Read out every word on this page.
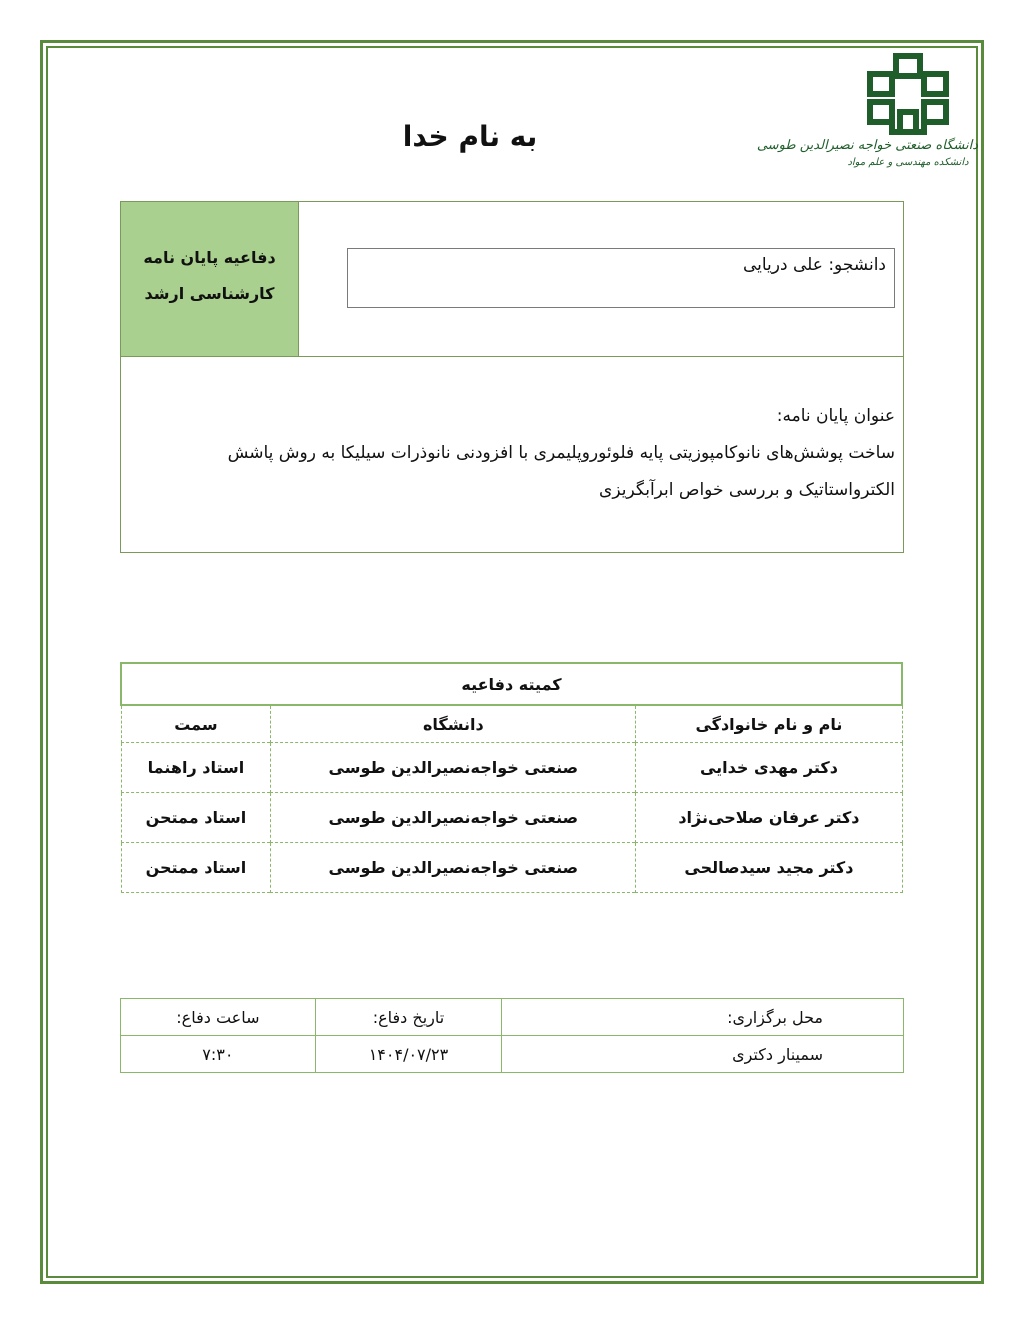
به نام خدا	دانشگاه صنعتی خواجه نصیرالدین طوسی
دانشکده مهندسی و علم مواد
دفاعیه پایان نامه
کارشناسی ارشد
دانشجو: علی دریایی
عنوان پایان نامه:
ساخت پوشش‌های نانوکامپوزیتی پایه فلوئوروپلیمری با افزودنی نانوذرات سیلیکا به روش پاشش الکترواستاتیک و بررسی خواص ابرآبگریزی
کمیته دفاعیه		
نام و نام خانوادگی	دانشگاه	سمت
دکتر مهدی خدایی	صنعتی خواجه‌نصیرالدین طوسی	استاد راهنما
دکتر عرفان صلاحی‌نژاد	صنعتی خواجه‌نصیرالدین طوسی	استاد ممتحن
دکتر مجید سیدصالحی	صنعتی خواجه‌نصیرالدین طوسی	استاد ممتحن
محل برگزاری:	تاریخ دفاع:	ساعت دفاع:
سمینار دکتری	۱۴۰۴/۰۷/۲۳	۷:۳۰
